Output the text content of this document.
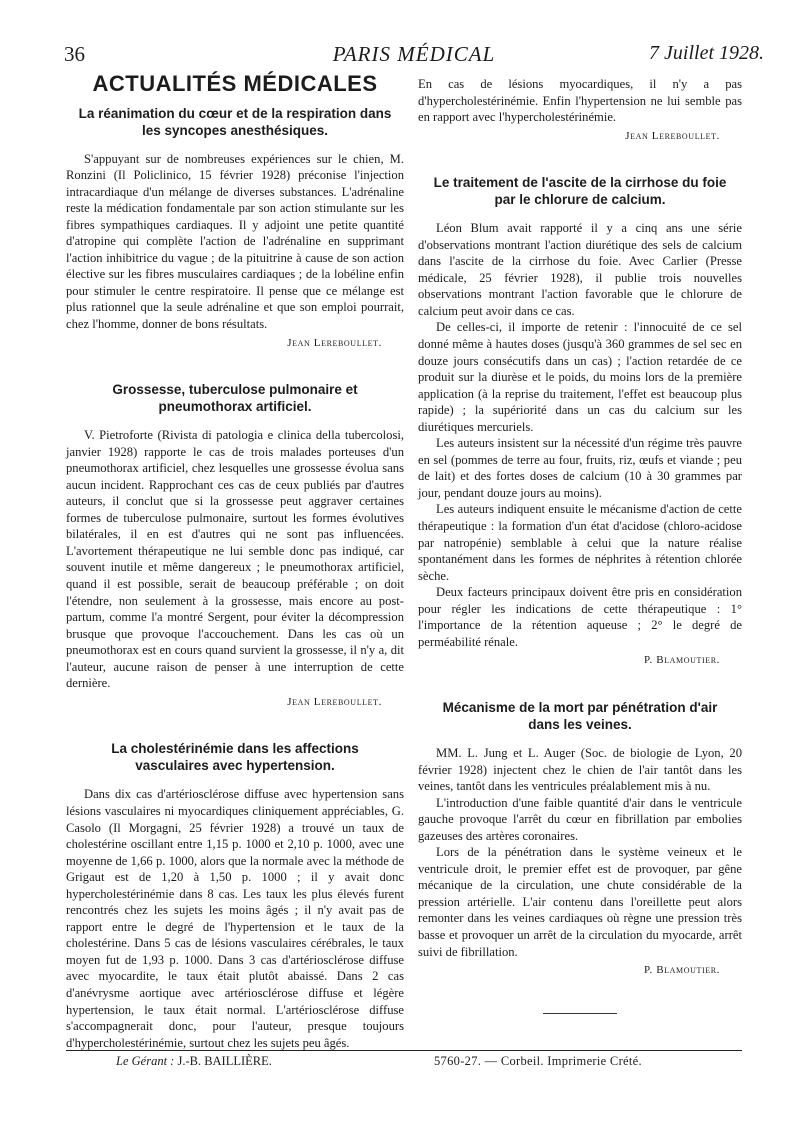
36	PARIS MÉDICAL	7 Juillet 1928.
ACTUALITÉS MÉDICALES
La réanimation du cœur et de la respiration dans les syncopes anesthésiques.

S'appuyant sur de nombreuses expériences sur le chien, M. Ronzini (Il Policlinico, 15 février 1928) préconise l'injection intracardiaque d'un mélange de diverses substances. L'adrénaline reste la médication fondamentale par son action stimulante sur les fibres sympathiques cardiaques. Il y adjoint une petite quantité d'atropine qui complète l'action de l'adrénaline en supprimant l'action inhibitrice du vague ; de la pituitrine à cause de son action élective sur les fibres musculaires cardiaques ; de la lobéline enfin pour stimuler le centre respiratoire. Il pense que ce mélange est plus rationnel que la seule adrénaline et que son emploi pourrait, chez l'homme, donner de bons résultats.

Jean Lereboullet.
Grossesse, tuberculose pulmonaire et pneumothorax artificiel.

V. Pietroforte (Rivista di patologia e clinica della tubercolosi, janvier 1928) rapporte le cas de trois malades porteuses d'un pneumothorax artificiel, chez lesquelles une grossesse évolua sans aucun incident. Rapprochant ces cas de ceux publiés par d'autres auteurs, il conclut que si la grossesse peut aggraver certaines formes de tuberculose pulmonaire, surtout les formes évolutives bilatérales, il en est d'autres qui ne sont pas influencées. L'avortement thérapeutique ne lui semble donc pas indiqué, car souvent inutile et même dangereux ; le pneumothorax artificiel, quand il est possible, serait de beaucoup préférable ; on doit l'étendre, non seulement à la grossesse, mais encore au post-partum, comme l'a montré Sergent, pour éviter la décompression brusque que provoque l'accouchement. Dans les cas où un pneumothorax est en cours quand survient la grossesse, il n'y a, dit l'auteur, aucune raison de penser à une interruption de cette dernière.

Jean Lereboullet.
La cholestérinémie dans les affections vasculaires avec hypertension.

Dans dix cas d'artériosclérose diffuse avec hypertension sans lésions vasculaires ni myocardiques cliniquement appréciables, G. Casolo (Il Morgagni, 25 février 1928) a trouvé un taux de cholestérine oscillant entre 1,15 p. 1000 et 2,10 p. 1000, avec une moyenne de 1,66 p. 1000, alors que la normale avec la méthode de Grigaut est de 1,20 à 1,50 p. 1000 ; il y avait donc hypercholestérinémie dans 8 cas. Les taux les plus élevés furent rencontrés chez les sujets les moins âgés ; il n'y avait pas de rapport entre le degré de l'hypertension et le taux de la cholestérine. Dans 5 cas de lésions vasculaires cérébrales, le taux moyen fut de 1,93 p. 1000. Dans 3 cas d'artériosclérose diffuse avec myocardite, le taux était plutôt abaissé. Dans 2 cas d'anévrysme aortique avec artériosclérose diffuse et légère hypertension, le taux était normal. L'artériosclérose diffuse s'accompagnerait donc, pour l'auteur, presque toujours d'hypercholestérinémie, surtout chez les sujets peu âgés.

En cas de lésions myocardiques, il n'y a pas d'hypercholestérinémie. Enfin l'hypertension ne lui semble pas en rapport avec l'hypercholestérinémie.

Jean Lereboullet.
Le traitement de l'ascite de la cirrhose du foie par le chlorure de calcium.

Léon Blum avait rapporté il y a cinq ans une série d'observations montrant l'action diurétique des sels de calcium dans l'ascite de la cirrhose du foie. Avec Carlier (Presse médicale, 25 février 1928), il publie trois nouvelles observations montrant l'action favorable que le chlorure de calcium peut avoir dans ce cas.

De celles-ci, il importe de retenir : l'innocuité de ce sel donné même à hautes doses (jusqu'à 360 grammes de sel sec en douze jours consécutifs dans un cas) ; l'action retardée de ce produit sur la diurèse et le poids, du moins lors de la première application (à la reprise du traitement, l'effet est beaucoup plus rapide) ; la supériorité dans un cas du calcium sur les diurétiques mercuriels.

Les auteurs insistent sur la nécessité d'un régime très pauvre en sel (pommes de terre au four, fruits, riz, œufs et viande ; peu de lait) et des fortes doses de calcium (10 à 30 grammes par jour, pendant douze jours au moins).

Les auteurs indiquent ensuite le mécanisme d'action de cette thérapeutique : la formation d'un état d'acidose (chloro-acidose par natropénie) semblable à celui que la nature réalise spontanément dans les formes de néphrites à rétention chlorée sèche.

Deux facteurs principaux doivent être pris en considération pour régler les indications de cette thérapeutique : 1° l'importance de la rétention aqueuse ; 2° le degré de perméabilité rénale.

P. Blamoutier.
Mécanisme de la mort par pénétration d'air dans les veines.

MM. L. Jung et L. Auger (Soc. de biologie de Lyon, 20 février 1928) injectent chez le chien de l'air tantôt dans les veines, tantôt dans les ventricules préalablement mis à nu.

L'introduction d'une faible quantité d'air dans le ventricule gauche provoque l'arrêt du cœur en fibrillation par embolies gazeuses des artères coronaires.

Lors de la pénétration dans le système veineux et le ventricule droit, le premier effet est de provoquer, par gêne mécanique de la circulation, une chute considérable de la pression artérielle. L'air contenu dans l'oreillette peut alors remonter dans les veines cardiaques où règne une pression très basse et provoquer un arrêt de la circulation du myocarde, arrêt suivi de fibrillation.

P. Blamoutier.
Le Gérant : J.-B. BAILLIÈRE.	5760-27. — Corbeil. Imprimerie Crété.
